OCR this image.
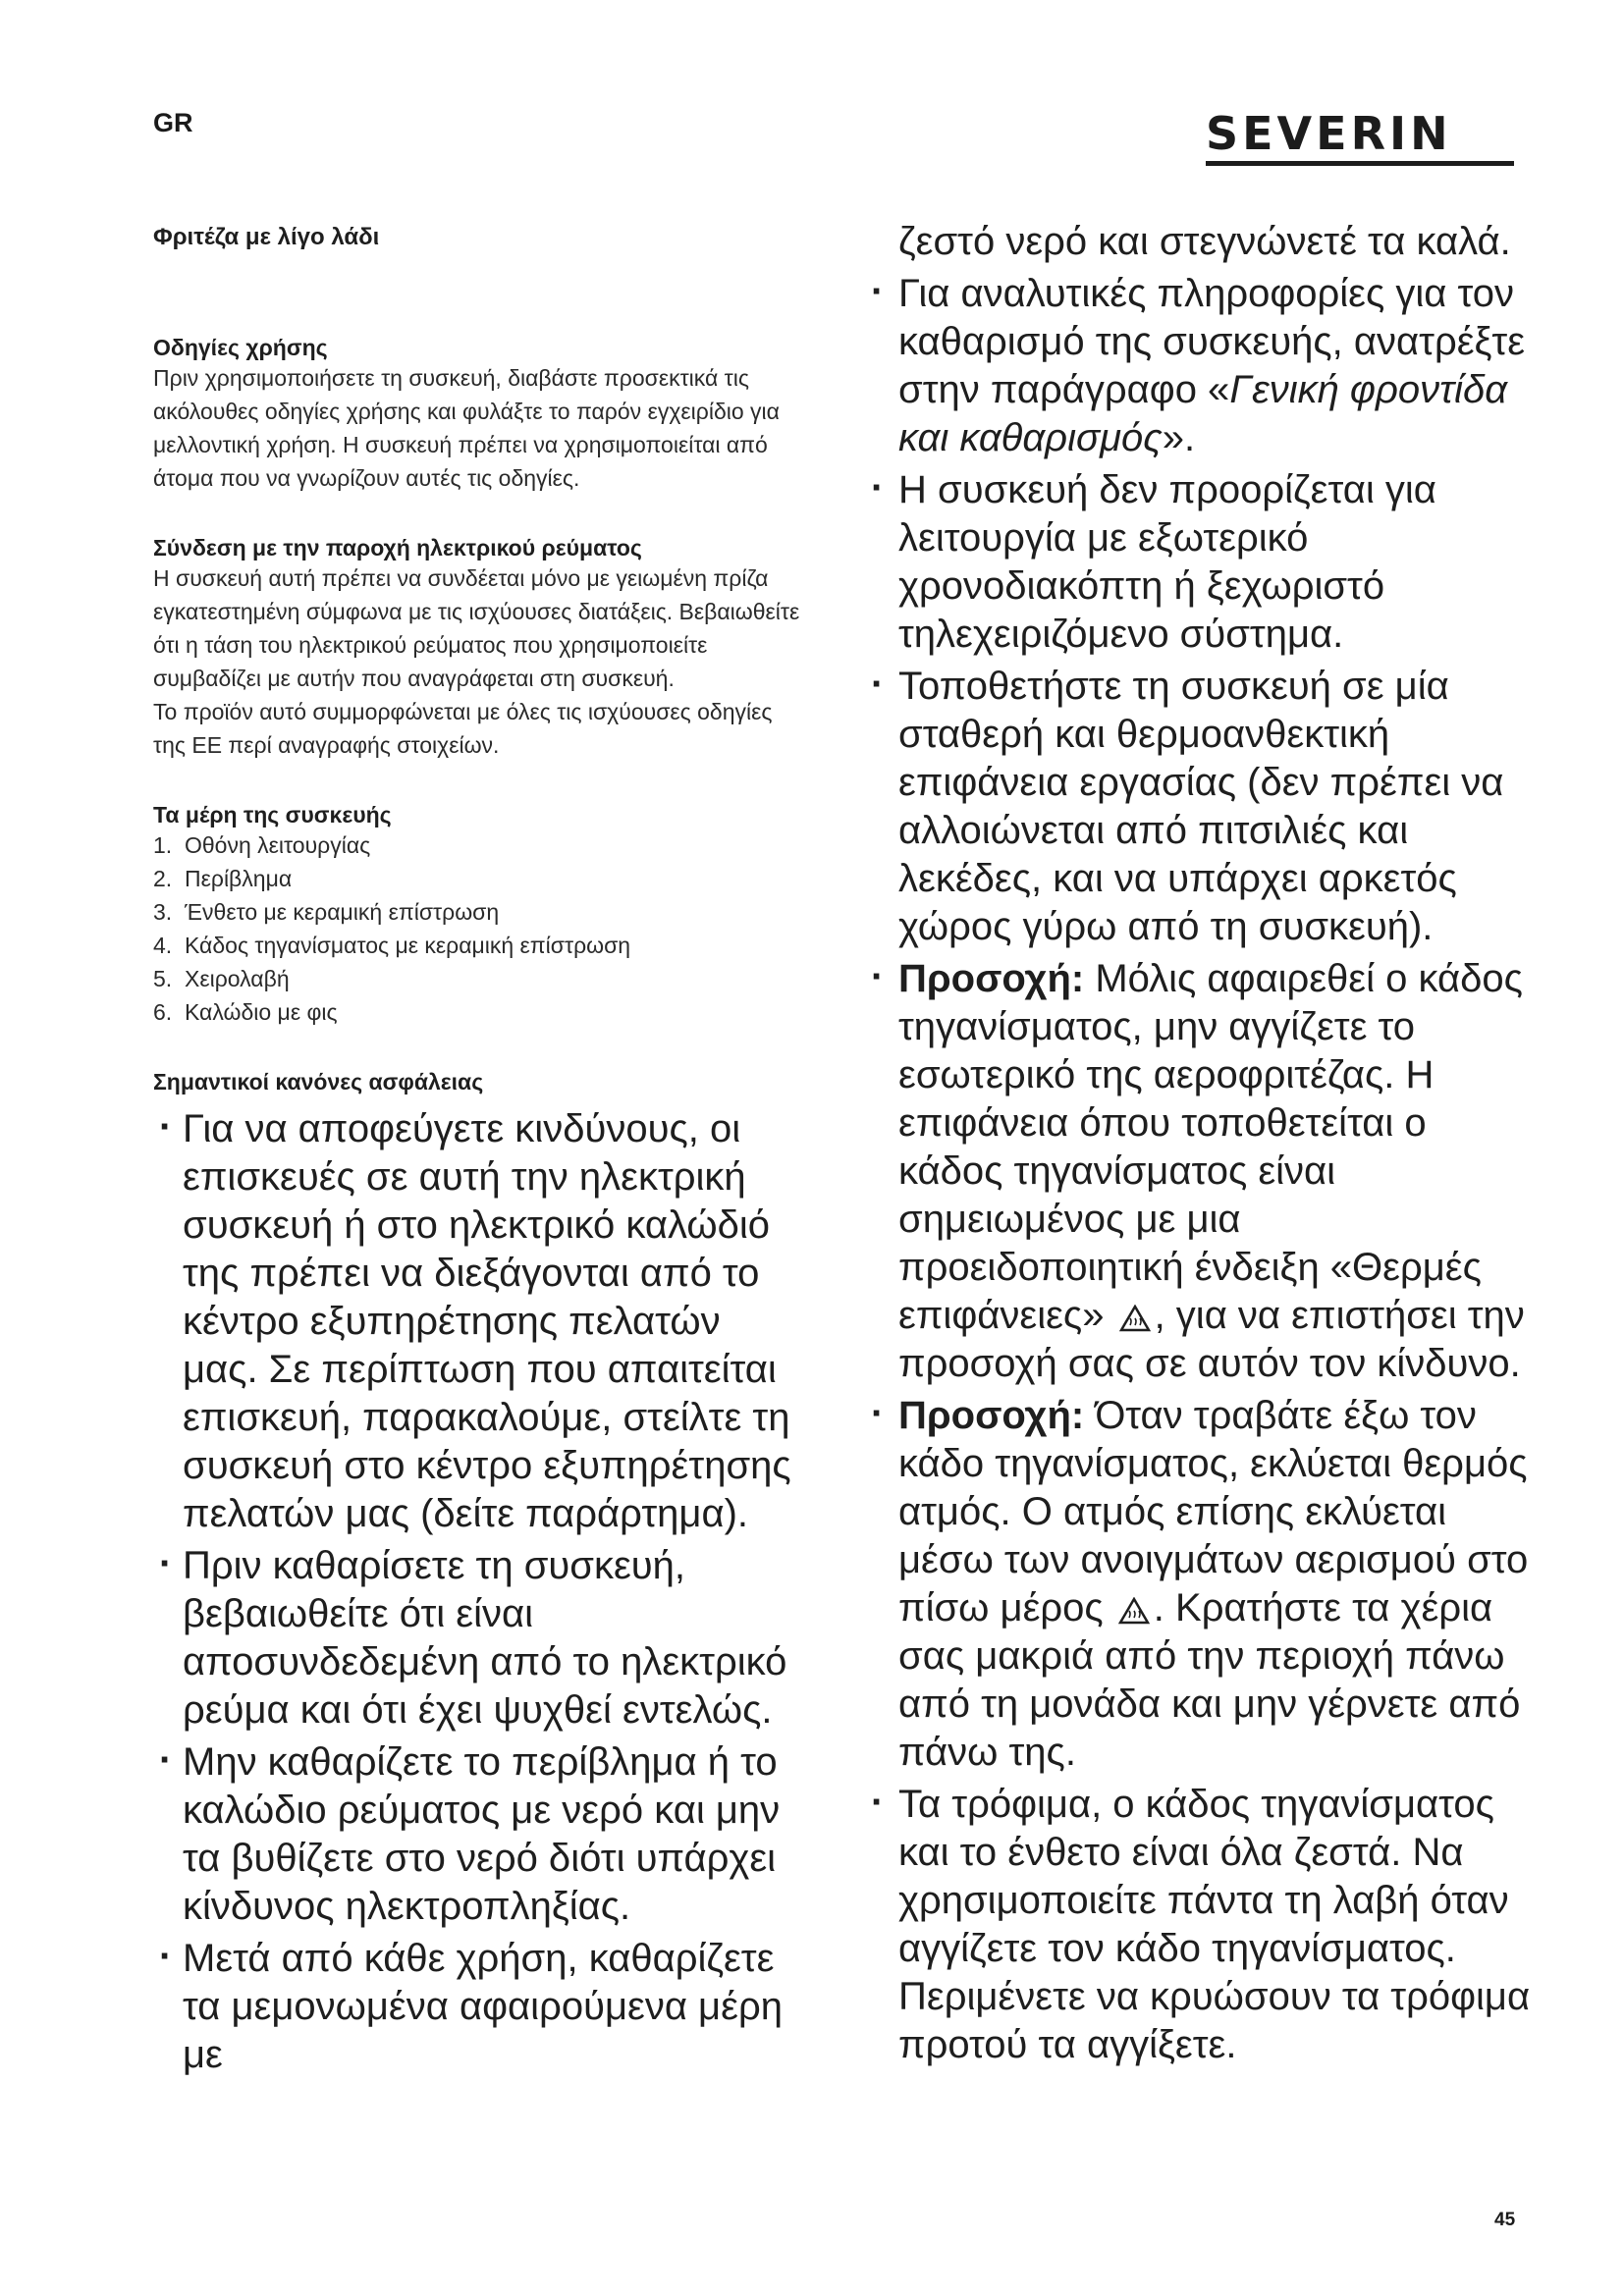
GR	SEVERIN
Φριτέζα με λίγο λάδι
Οδηγίες χρήσης

Πριν χρησιμοποιήσετε τη συσκευή, διαβάστε προσεκτικά τις ακόλουθες οδηγίες χρήσης και φυλάξτε το παρόν εγχειρίδιο για μελλοντική χρήση. Η συσκευή πρέπει να χρησιμοποιείται από άτομα που να γνωρίζουν αυτές τις οδηγίες.

Σύνδεση με την παροχή ηλεκτρικού ρεύματος

Η συσκευή αυτή πρέπει να συνδέεται μόνο με γειωμένη πρίζα εγκατεστημένη σύμφωνα με τις ισχύουσες διατάξεις. Βεβαιωθείτε ότι η τάση του ηλεκτρικού ρεύματος που χρησιμοποιείτε συμβαδίζει με αυτήν που αναγράφεται στη συσκευή.

Το προϊόν αυτό συμμορφώνεται με όλες τις ισχύουσες οδηγίες της ΕΕ περί αναγραφής στοιχείων.

Τα μέρη της συσκευής
1. Οθόνη λειτουργίας
2. Περίβλημα
3. Ένθετο με κεραμική επίστρωση
4. Κάδος τηγανίσματος με κεραμική επίστρωση
5. Χειρολαβή
6. Καλώδιο με φις
Σημαντικοί κανόνες ασφάλειας
· Για να αποφεύγετε κινδύνους, οι επισκευές σε αυτή την ηλεκτρική συσκευή ή στο ηλεκτρικό καλώδιό της πρέπει να διεξάγονται από το κέντρο εξυπηρέτησης πελατών μας. Σε περίπτωση που απαιτείται επισκευή, παρακαλούμε, στείλτε τη συσκευή στο κέντρο εξυπηρέτησης πελατών μας (δείτε παράρτημα).
· Πριν καθαρίσετε τη συσκευή, βεβαιωθείτε ότι είναι αποσυνδεδεμένη από το ηλεκτρικό ρεύμα και ότι έχει ψυχθεί εντελώς.
· Μην καθαρίζετε το περίβλημα ή το καλώδιο ρεύματος με νερό και μην τα βυθίζετε στο νερό διότι υπάρχει κίνδυνος ηλεκτροπληξίας.
· Μετά από κάθε χρήση, καθαρίζετε τα μεμονωμένα αφαιρούμενα μέρη με

ζεστό νερό και στεγνώνετέ τα καλά.

· Για αναλυτικές πληροφορίες για τον καθαρισμό της συσκευής, ανατρέξτε στην παράγραφο «Γενική φροντίδα και καθαρισμός».
· Η συσκευή δεν προορίζεται για λειτουργία με εξωτερικό χρονοδιακόπτη ή ξεχωριστό τηλεχειριζόμενο σύστημα.
· Τοποθετήστε τη συσκευή σε μία σταθερή και θερμοανθεκτική επιφάνεια εργασίας (δεν πρέπει να αλλοιώνεται από πιτσιλιές και λεκέδες, και να υπάρχει αρκετός χώρος γύρω από τη συσκευή).
· Προσοχή: Μόλις αφαιρεθεί ο κάδος τηγανίσματος, μην αγγίζετε το εσωτερικό της αεροφριτέζας. Η επιφάνεια όπου τοποθετείται ο κάδος τηγανίσματος είναι σημειωμένος με μια προειδοποιητική ένδειξη «Θερμές επιφάνειες» , για να επιστήσει την προσοχή σας σε αυτόν τον κίνδυνο.
· Προσοχή: Όταν τραβάτε έξω τον κάδο τηγανίσματος, εκλύεται θερμός ατμός. Ο ατμός επίσης εκλύεται μέσω των ανοιγμάτων αερισμού στο πίσω μέρος . Κρατήστε τα χέρια σας μακριά από την περιοχή πάνω από τη μονάδα και μην γέρνετε από πάνω της.
· Τα τρόφιμα, ο κάδος τηγανίσματος και το ένθετο είναι όλα ζεστά. Να χρησιμοποιείτε πάντα τη λαβή όταν αγγίζετε τον κάδο τηγανίσματος. Περιμένετε να κρυώσουν τα τρόφιμα προτού τα αγγίξετε.
45
